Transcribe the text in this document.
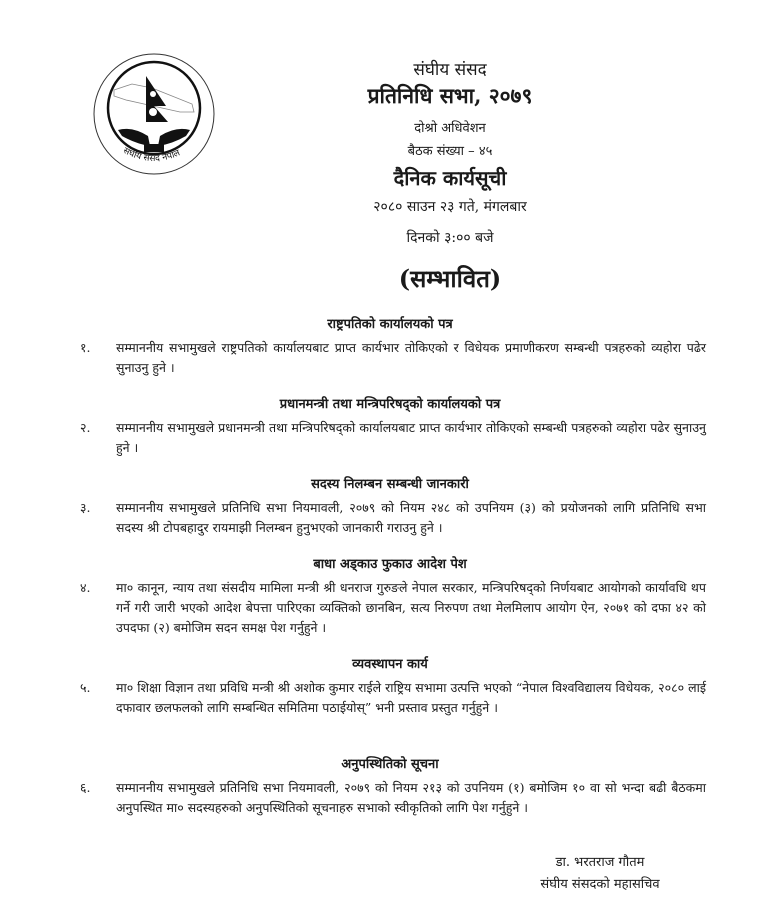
संघीय संसद नेपाल
संघीय संसद
प्रतिनिधि सभा, २०७९
दोश्रो अधिवेशन
बैठक संख्या – ४५
दैनिक कार्यसूची
२०८० साउन २३ गते, मंगलबार
दिनको ३:०० बजे
(सम्भावित)
राष्ट्रपतिको कार्यालयको पत्र
१.	सम्माननीय सभामुखले राष्ट्रपतिको कार्यालयबाट प्राप्त कार्यभार तोकिएको र विधेयक प्रमाणीकरण सम्बन्धी पत्रहरुको व्यहोरा पढेर सुनाउनु हुने ।
प्रधानमन्त्री तथा मन्त्रिपरिषद्को कार्यालयको पत्र
२.	सम्माननीय सभामुखले प्रधानमन्त्री तथा मन्त्रिपरिषद्को कार्यालयबाट प्राप्त कार्यभार तोकिएको सम्बन्धी पत्रहरुको व्यहोरा पढेर सुनाउनु हुने ।
सदस्य निलम्बन सम्बन्धी जानकारी
३.	सम्माननीय सभामुखले प्रतिनिधि सभा नियमावली, २०७९ को नियम २४८ को उपनियम (३) को प्रयोजनको लागि प्रतिनिधि सभा सदस्य श्री टोपबहादुर रायमाझी निलम्बन हुनुभएको जानकारी गराउनु हुने ।
बाधा अड्काउ फुकाउ आदेश पेश
४.	मा० कानून, न्याय तथा संसदीय मामिला मन्त्री श्री धनराज गुरुङले नेपाल सरकार, मन्त्रिपरिषद्को निर्णयबाट आयोगको कार्यावधि थप गर्ने गरी जारी भएको आदेश बेपत्ता पारिएका व्यक्तिको छानबिन, सत्य निरुपण तथा मेलमिलाप आयोग ऐन, २०७१ को दफा ४२ को उपदफा (२) बमोजिम सदन समक्ष पेश गर्नुहुने ।
व्यवस्थापन कार्य
५.	मा० शिक्षा विज्ञान तथा प्रविधि मन्त्री श्री अशोक कुमार राईले राष्ट्रिय सभामा उत्पत्ति भएको “नेपाल विश्वविद्यालय विधेयक, २०८० लाई दफावार छलफलको लागि सम्बन्धित समितिमा पठाईयोस्” भनी प्रस्ताव प्रस्तुत गर्नुहुने ।
अनुपस्थितिको सूचना
६.	सम्माननीय सभामुखले प्रतिनिधि सभा नियमावली, २०७९ को नियम २१३ को उपनियम (१) बमोजिम १० वा सो भन्दा बढी बैठकमा अनुपस्थित मा० सदस्यहरुको अनुपस्थितिको सूचनाहरु सभाको स्वीकृतिको लागि पेश गर्नुहुने ।
डा. भरतराज गौतम
संघीय संसदको महासचिव
